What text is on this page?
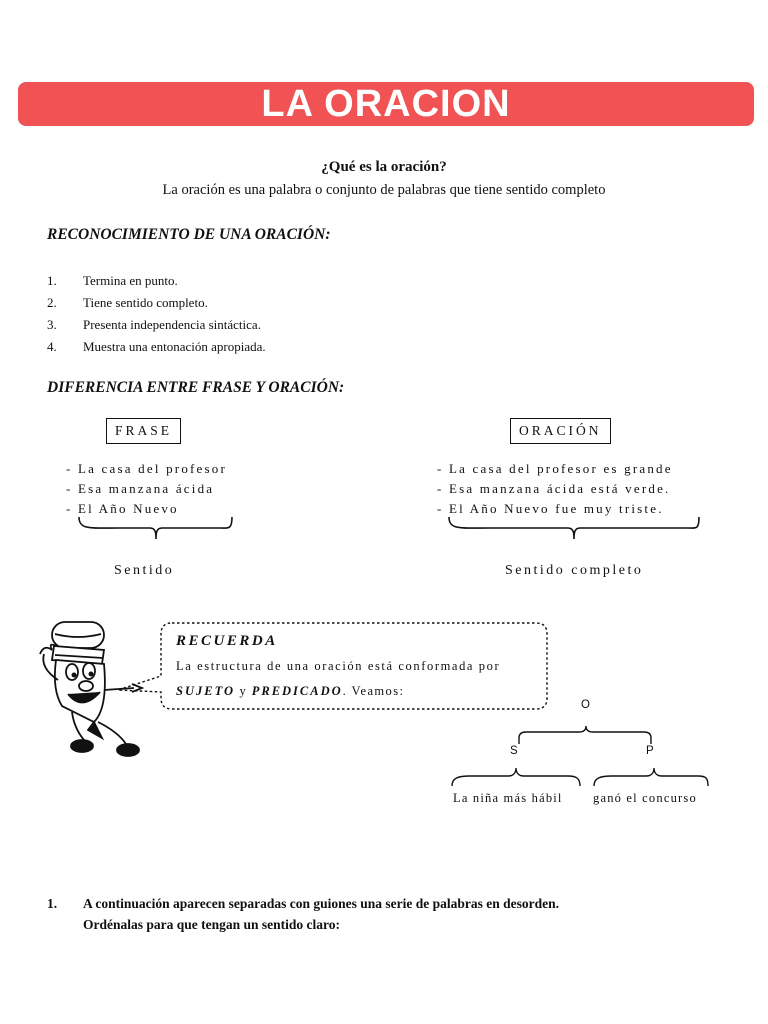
LA ORACION
¿Qué es la oración?
La oración es una palabra o conjunto de palabras que tiene sentido completo
RECONOCIMIENTO DE UNA ORACIÓN:
1.	Termina en punto.
2.	Tiene sentido completo.
3.	Presenta independencia sintáctica.
4.	Muestra una entonación apropiada.
DIFERENCIA ENTRE FRASE Y ORACIÓN:
FRASE	ORACIÓN
- La casa del profesor
- Esa manzana ácida
- El Año Nuevo
- La casa del profesor es grande
- Esa manzana ácida está verde.
- El Año Nuevo fue muy triste.
Sentido	Sentido completo
RECUERDA
La estructura de una oración está conformada por
SUJETO y PREDICADO. Veamos:
O
S	P
La niña más hábil ganó el concurso
1.	A continuación aparecen separadas con guiones una serie de palabras en desorden.
Ordénalas para que tengan un sentido claro:
